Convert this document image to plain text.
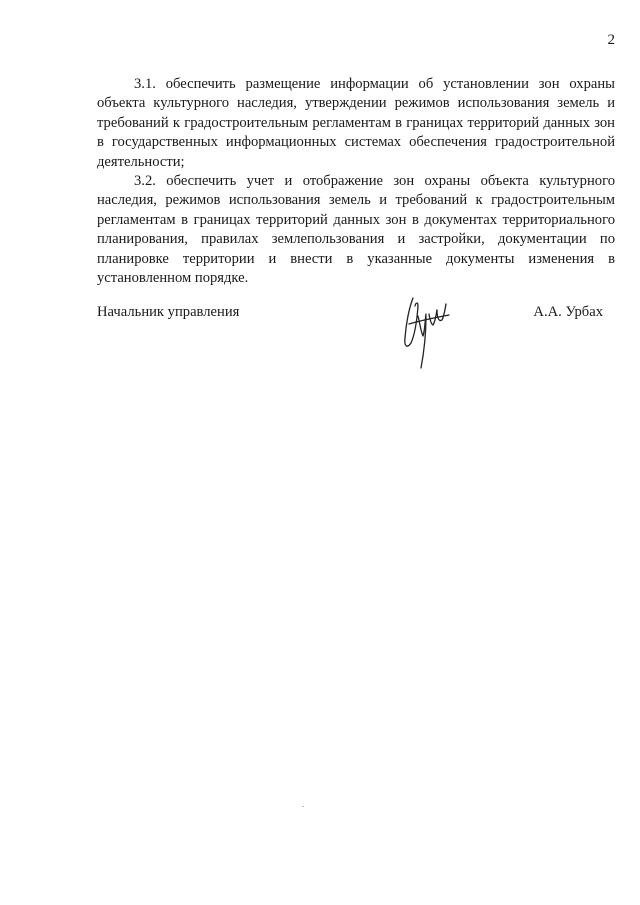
2

3.1. обеспечить размещение информации об установлении зон охраны объекта культурного наследия, утверждении режимов использования земель и требований к градостроительным регламентам в границах территорий данных зон в государственных информационных системах обеспечения градостроительной деятельности;

3.2. обеспечить учет и отображение зон охраны объекта культурного наследия, режимов использования земель и требований к градостроительным регламентам в границах территорий данных зон в документах территориального планирования, правилах землепользования и застройки, документации по планировке территории и внести в указанные документы изменения в установленном порядке.

Начальник управления	А.А. Урбах
